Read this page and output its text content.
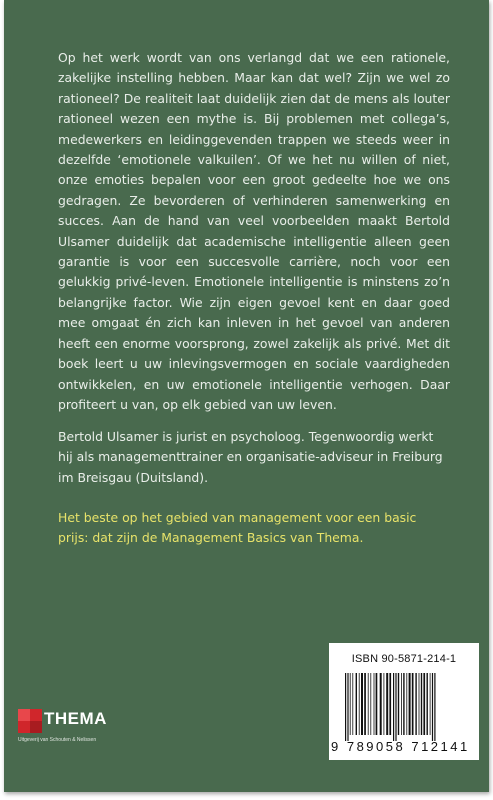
Op het werk wordt van ons verlangd dat we een rationele, zakelijke instelling hebben. Maar kan dat wel? Zijn we wel zo rationeel? De realiteit laat duidelijk zien dat de mens als louter rationeel wezen een mythe is. Bij problemen met collega’s, medewerkers en leidinggevenden trappen we steeds weer in dezelfde ‘emotionele valkuilen’. Of we het nu willen of niet, onze emoties bepalen voor een groot gedeelte hoe we ons gedragen. Ze bevorderen of verhinderen samenwerking en succes. Aan de hand van veel voorbeelden maakt Bertold Ulsamer duidelijk dat academische intelligentie alleen geen garantie is voor een succesvolle carrière, noch voor een gelukkig privé-leven. Emotionele intelligentie is minstens zo’n belangrijke factor. Wie zijn eigen gevoel kent en daar goed mee omgaat én zich kan inleven in het gevoel van anderen heeft een enorme voorsprong, zowel zakelijk als privé. Met dit boek leert u uw inlevingsvermogen en sociale vaardigheden ontwikkelen, en uw emotionele intelligentie verhogen. Daar profiteert u van, op elk gebied van uw leven.

Bertold Ulsamer is jurist en psycholoog. Tegenwoordig werkt hij als managementtrainer en organisatie-adviseur in Freiburg im Breisgau (Duitsland).

Het beste op het gebied van management voor een basic prijs: dat zijn de Management Basics van Thema.

THEMA
Uitgeverij van Schouten & Nelissen
ISBN 90-5871-214-1
9 789058 712141
